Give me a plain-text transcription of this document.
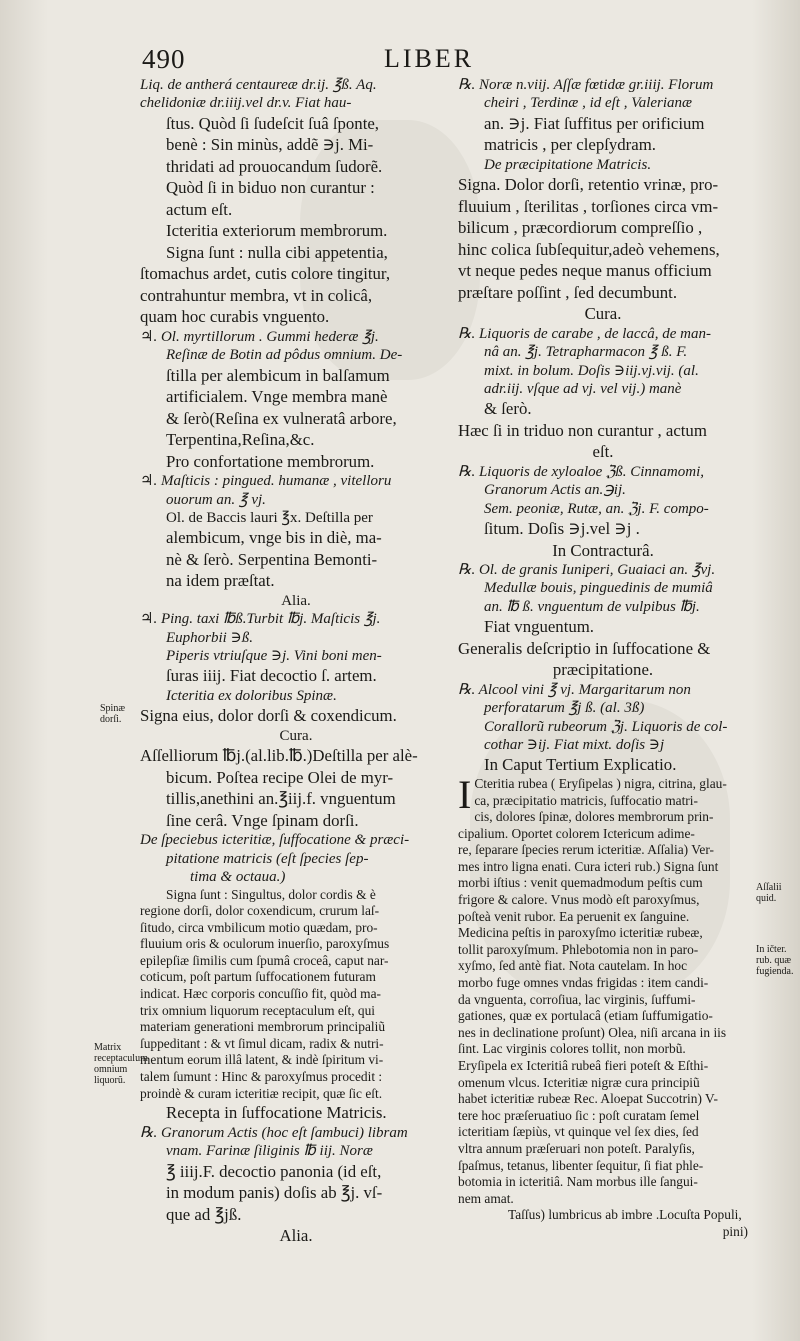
490	LIBER
Liq. de antherá centaureæ dr.ij. ℥ß. Aq.
chelidoniæ dr.iiij.vel dr.v. Fiat hau-
ſtus. Quòd ſi ſudeſcit ſuâ ſponte,
benè : Sin minùs, addẽ ∋j. Mi-
thridati ad prouocandum ſudorẽ.
Quòd ſi in biduo non curantur :
actum eſt.
Icteritia exteriorum membrorum.
Signa ſunt : nulla cibi appetentia,
ſtomachus ardet, cutis colore tingitur,
contrahuntur membra, vt in colicâ,
quam hoc curabis vnguento.
♃. Ol. myrtillorum . Gummi hederæ ℥j.
Reſinæ de Botin ad pôdus omnium. De-
ſtilla per alembicum in balſamum
artificialem. Vnge membra manè
& ſerò(Reſina ex vulneratâ arbore,
Terpentina,Reſina,&c.
Pro confortatione membrorum.
♃. Maſticis : pingued. humanæ , vitelloru
ouorum an. ℥ vj.
Ol. de Baccis lauri ℥x. Deſtilla per
alembicum, vnge bis in diè, ma-
nè & ſerò. Serpentina Bemonti-
na idem præſtat.
Alia.
♃. Ping. taxi ℔ß.Turbit ℔j. Maſticis ℥j.
Euphorbii ∋ß.
Piperis vtriuſque ∋j. Vini boni men-
ſuras iiij. Fiat decoctio ſ. artem.
Icteritia ex doloribus Spinæ.
Signa eius, dolor dorſi & coxendicum.
Cura.
Aſſelliorum ℔j.(al.lib.℔.)Deſtilla per alè-
bicum. Poſtea recipe Olei de myr-
tillis,anethini an.℥iij.f. vnguentum
ſine cerâ. Vnge ſpinam dorſi.
De ſpeciebus icteritiæ, ſuffocatione & præci-
pitatione matricis (eſt ſpecies ſep-
tima & octaua.)
Signa ſunt : Singultus, dolor cordis & è
regione dorſi, dolor coxendicum, crurum laſ-
ſitudo, circa vmbilicum motio quædam, pro-
fluuium oris & oculorum inuerſio, paroxyſmus
epilepſiæ ſimilis cum ſpumâ croceâ, caput nar-
coticum, poſt partum ſuffocationem futuram
indicat. Hæc corporis concuſſio fit, quòd ma-
trix omnium liquorum receptaculum eſt, qui
materiam generationi membrorum principaliũ
ſuppeditant : & vt ſimul dicam, radix & nutri-
mentum eorum illâ latent, & indè ſpiritum vi-
talem ſumunt : Hinc & paroxyſmus procedit :
proindè & curam icteritiæ recipit, quæ ſic eſt.
Recepta in ſuffocatione Matricis.
℞. Granorum Actis (hoc eſt ſambuci) libram
vnam. Farinæ ſiliginis ℔ iij. Noræ
℥ iiij.F. decoctio panonia (id eſt,
in modum panis) doſis ab ℥j. vſ-
que ad ℥jß.
Alia.
℞. Noræ n.viij. Aſſæ fœtidæ gr.iiij. Florum
cheiri , Terdinæ , id eſt , Valerianæ
an. ∋j. Fiat ſuffitus per orificium
matricis , per clepſydram.
De præcipitatione Matricis.
Signa. Dolor dorſi, retentio vrinæ, pro-
fluuium , ſterilitas , torſiones circa vm-
bilicum , præcordiorum compreſſio ,
hinc colica ſubſequitur,adeò vehemens,
vt neque pedes neque manus officium
præſtare poſſint , ſed decumbunt.
Cura.
℞. Liquoris de carabe , de laccâ, de man-
nâ an. ℥j. Tetrapharmacon ℥ ß. F.
mixt. in bolum. Doſis ∋iij.vj.vij. (al.
adr.iij. vſque ad vj. vel vij.) manè
& ſerò.
Hæc ſi in triduo non curantur , actum
eſt.
℞. Liquoris de xyloaloe ℨß. Cinnamomi,
Granorum Actis an.℈ij.
Sem. peoniæ, Rutæ, an. ℨj. F. compo-
ſitum. Doſis ∋j.vel ∋j .
In Contracturâ.
℞. Ol. de granis Iuniperi, Guaiaci an. ℥vj.
Medullæ bouis, pinguedinis de mumiâ
an. ℔ ß. vnguentum de vulpibus ℔j.
Fiat vnguentum.
Generalis deſcriptio in ſuffocatione &
præcipitatione.
℞. Alcool vini ℥ vj. Margaritarum non
perforatarum ℥j ß. (al. 3ß)
Corallorũ rubeorum ℨj. Liquoris de col-
cothar ∋ij. Fiat mixt. doſis ∋j
In Caput Tertium Explicatio.
I Cteritia rubea ( Eryſipelas ) nigra, citrina, glau-
ca, præcipitatio matricis, ſuffocatio matri-
cis, dolores ſpinæ, dolores membrorum prin-
cipalium. Oportet colorem Ictericum adime-
re, ſeparare ſpecies rerum icteritiæ. Aſſalia) Ver-
mes intro ligna enati. Cura icteri rub.) Signa ſunt
morbi iſtius : venit quemadmodum peſtis cum
frigore & calore. Vnus modò eſt paroxyſmus,
poſteà venit rubor. Ea peruenit ex ſanguine.
Medicina peſtis in paroxyſmo icteritiæ rubeæ,
tollit paroxyſmum. Phlebotomia non in paro-
xyſmo, ſed antè fiat. Nota cautelam. In hoc
morbo fuge omnes vndas frigidas : item candi-
da vnguenta, corroſiua, lac virginis, ſuffumi-
gationes, quæ ex portulacâ (etiam ſuffumigatio-
nes in declinatione proſunt) Olea, niſi arcana in iis
ſint. Lac virginis colores tollit, non morbũ.
Eryſipela ex Icteritiâ rubeâ fieri poteſt & Eſthi-
omenum vlcus. Icteritiæ nigræ cura principiũ
habet icteritiæ rubeæ Rec. Aloepat Succotrin) V-
tere hoc præſeruatiuo ſic : poſt curatam ſemel
icteritiam ſæpiùs, vt quinque vel ſex dies, ſed
vltra annum præſeruari non poteſt. Paralyſis,
ſpaſmus, tetanus, libenter ſequitur, ſi fiat phle-
botomia in icteritiâ. Nam morbus ille ſangui-
nem amat.
Taſſus) lumbricus ab imbre .Locuſta Populi,
pini)
Spinæ dorſi.
Matrix receptaculum omnium liquorũ.
Aſſalii quid.
In ičter. rub. quæ fugienda.
